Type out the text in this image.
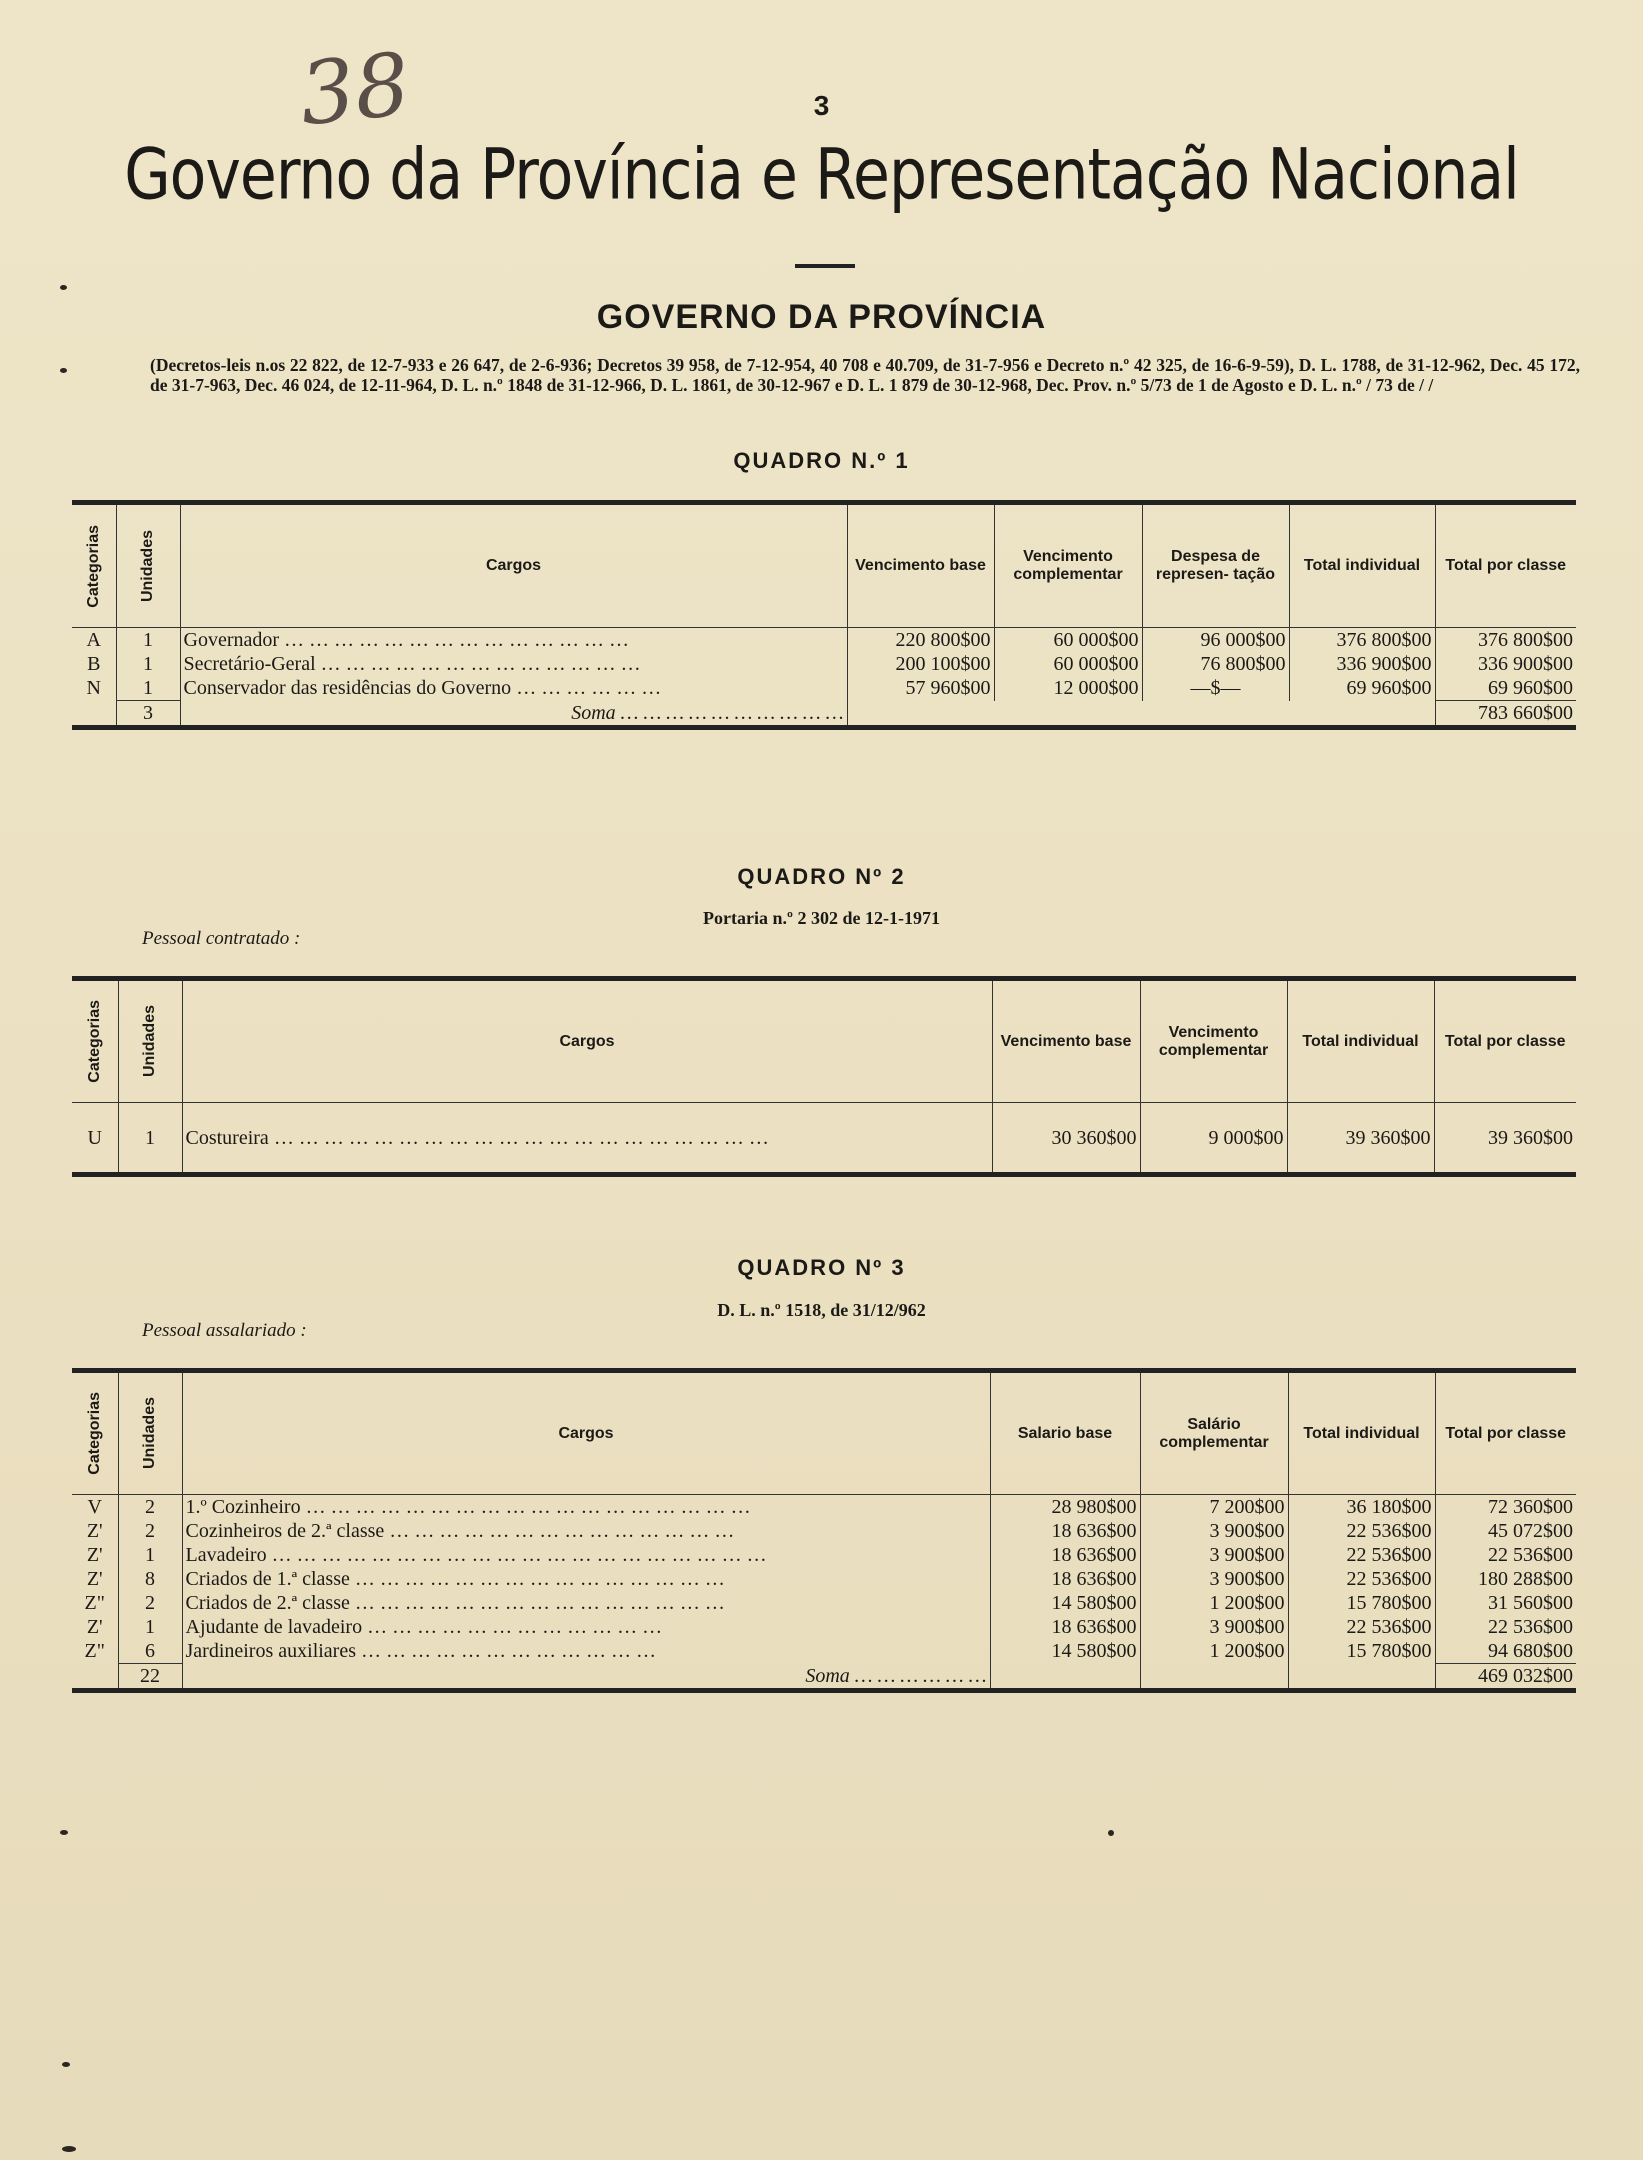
38	3
Governo da Província e Representação Nacional
GOVERNO DA PROVÍNCIA
(Decretos-leis n.os 22 822, de 12-7-933 e 26 647, de 2-6-936; Decretos 39 958, de 7-12-954, 40 708 e 40.709, de 31-7-956 e Decreto n.º 42 325, de 16-6-9-59), D. L. 1788, de 31-12-962, Dec. 45 172, de 31-7-963, Dec. 46 024, de 12-11-964, D. L. n.º 1848 de 31-12-966, D. L. 1861, de 30-12-967 e D. L. 1 879 de 30-12-968, Dec. Prov. n.º 5/73 de 1 de Agosto e D. L. n.º / 73 de / /
QUADRO N.º 1
Categorias	Unidades	Cargos	Vencimento base	Vencimento complementar	Despesa de represen- tação	Total individual	Total por classe
A	1	Governador … … … … … … … … … … … … … …	220 800$00	60 000$00	96 000$00	376 800$00	376 800$00
B	1	Secretário-Geral … … … … … … … … … … … … …	200 100$00	60 000$00	76 800$00	336 900$00	336 900$00
N	1	Conservador das residências do Governo … … … … … …	57 960$00	12 000$00	—$—	69 960$00	69 960$00
	3	Soma … … … … … … … … … …					783 660$00
QUADRO Nº 2
Portaria n.º 2 302 de 12-1-1971
Pessoal contratado :
Categorias	Unidades	Cargos	Vencimento base	Vencimento complementar	Total individual	Total por classe
U	1	Costureira … … … … … … … … … … … … … … … … … … … …	30 360$00	9 000$00	39 360$00	39 360$00
QUADRO Nº 3
D. L. n.º 1518, de 31/12/962
Pessoal assalariado :
Categorias	Unidades	Cargos	Salario base	Salário complementar	Total individual	Total por classe
V	2	1.º Cozinheiro … … … … … … … … … … … … … … … … … …	28 980$00	7 200$00	36 180$00	72 360$00
Z'	2	Cozinheiros de 2.ª classe … … … … … … … … … … … … … …	18 636$00	3 900$00	22 536$00	45 072$00
Z'	1	Lavadeiro … … … … … … … … … … … … … … … … … … … …	18 636$00	3 900$00	22 536$00	22 536$00
Z'	8	Criados de 1.ª classe … … … … … … … … … … … … … … …	18 636$00	3 900$00	22 536$00	180 288$00
Z"	2	Criados de 2.ª classe … … … … … … … … … … … … … … …	14 580$00	1 200$00	15 780$00	31 560$00
Z'	1	Ajudante de lavadeiro … … … … … … … … … … … …	18 636$00	3 900$00	22 536$00	22 536$00
Z"	6	Jardineiros auxiliares … … … … … … … … … … … …	14 580$00	1 200$00	15 780$00	94 680$00
	22	Soma … … … … … …				469 032$00
